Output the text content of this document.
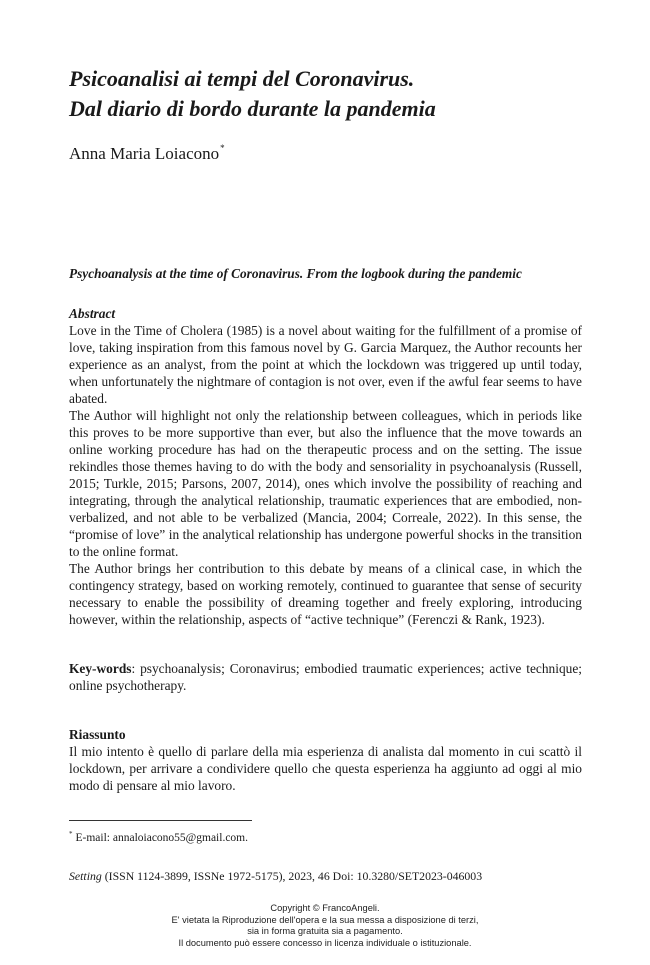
Psicoanalisi ai tempi del Coronavirus.
Dal diario di bordo durante la pandemia
Anna Maria Loiacono*
Psychoanalysis at the time of Coronavirus. From the logbook during the pandemic
Abstract

Love in the Time of Cholera (1985) is a novel about waiting for the fulfillment of a promise of love, taking inspiration from this famous novel by G. Garcia Marquez, the Author recounts her experience as an analyst, from the point at which the lockdown was triggered up until today, when unfortunately the nightmare of contagion is not over, even if the awful fear seems to have abated.

The Author will highlight not only the relationship between colleagues, which in periods like this proves to be more supportive than ever, but also the influence that the move towards an online working procedure has had on the therapeutic process and on the setting. The issue rekindles those themes having to do with the body and sensoriality in psychoanalysis (Russell, 2015; Turkle, 2015; Parsons, 2007, 2014), ones which involve the possibility of reaching and integrating, through the analytical relationship, traumatic experiences that are embodied, non-verbalized, and not able to be verbalized (Mancia, 2004; Correale, 2022). In this sense, the “promise of love” in the analytical relationship has undergone powerful shocks in the transition to the online format.

The Author brings her contribution to this debate by means of a clinical case, in which the contingency strategy, based on working remotely, continued to guarantee that sense of security necessary to enable the possibility of dreaming together and freely exploring, introducing however, within the relationship, aspects of “active technique” (Ferenczi & Rank, 1923).

Key-words: psychoanalysis; Coronavirus; embodied traumatic experiences; active technique; online psychotherapy.
Riassunto

Il mio intento è quello di parlare della mia esperienza di analista dal momento in cui scattò il lockdown, per arrivare a condividere quello che questa esperienza ha aggiunto ad oggi al mio modo di pensare al mio lavoro.

* E-mail: annaloiacono55@gmail.com.
Setting (ISSN 1124-3899, ISSNe 1972-5175), 2023, 46 Doi: 10.3280/SET2023-046003
Copyright © FrancoAngeli.
E' vietata la Riproduzione dell'opera e la sua messa a disposizione di terzi,
sia in forma gratuita sia a pagamento.
Il documento può essere concesso in licenza individuale o istituzionale.
